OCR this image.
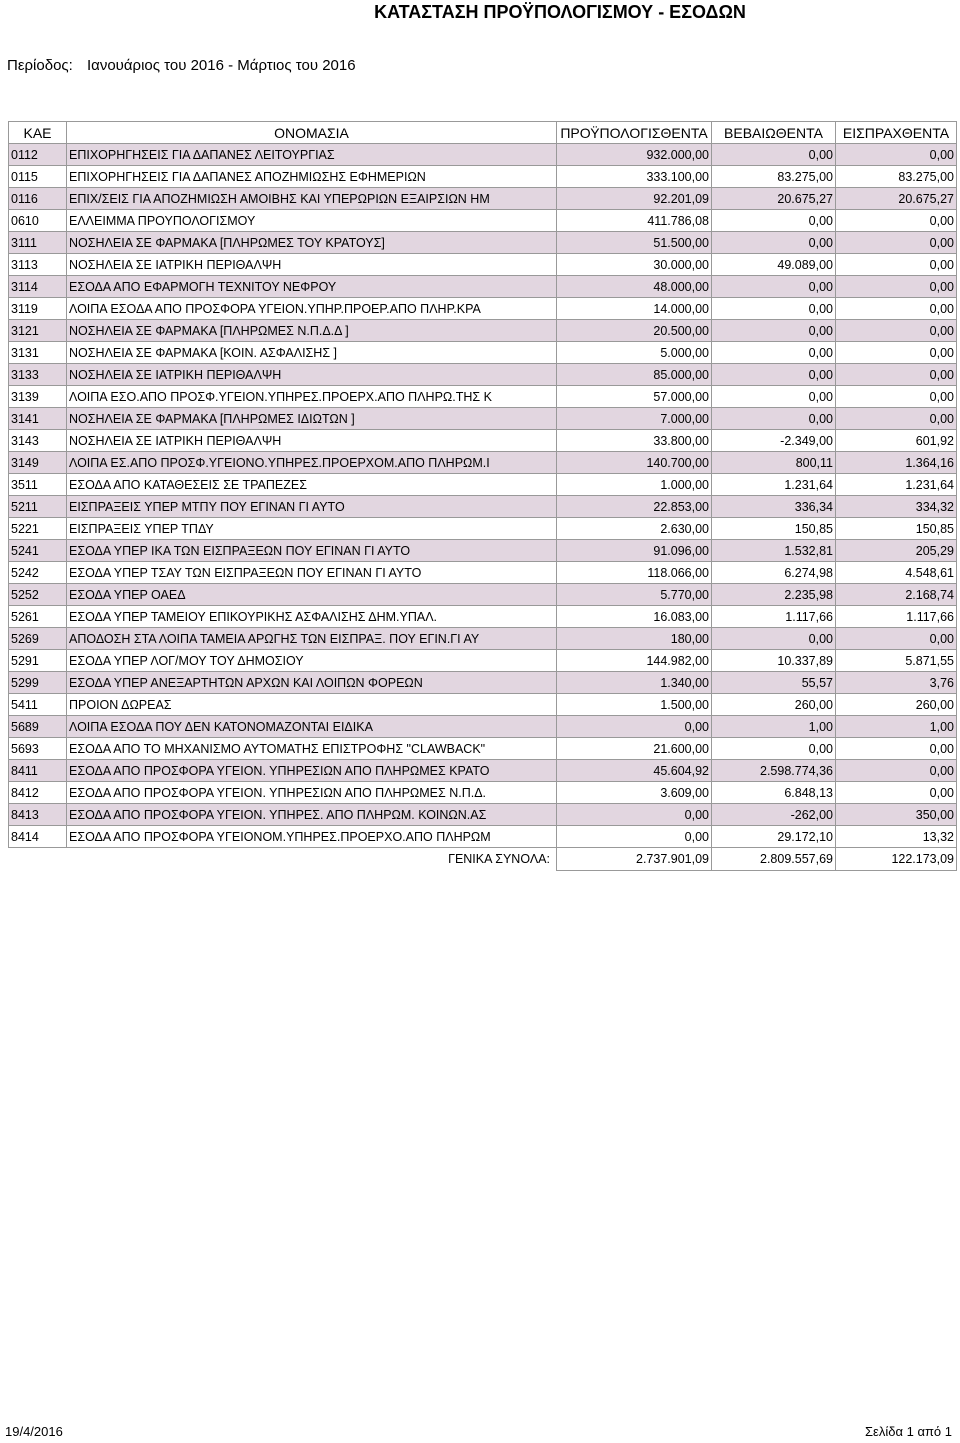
ΚΑΤΑΣΤΑΣΗ ΠΡΟΫΠΟΛΟΓΙΣΜΟΥ - ΕΣΟΔΩΝ
Περίοδος: Ιανουάριος του 2016 - Μάρτιος του 2016
ΚΑΕ	ΟΝΟΜΑΣΙΑ	ΠΡΟΫΠΟΛΟΓΙΣΘΕΝΤΑ	ΒΕΒΑΙΩΘΕΝΤΑ	ΕΙΣΠΡΑΧΘΕΝΤΑ
0112	ΕΠΙΧΟΡΗΓΗΣΕΙΣ ΓΙΑ ΔΑΠΑΝΕΣ ΛΕΙΤΟΥΡΓΙΑΣ	932.000,00	0,00	0,00
0115	ΕΠΙΧΟΡΗΓΗΣΕΙΣ ΓΙΑ ΔΑΠΑΝΕΣ ΑΠΟΖΗΜΙΩΣΗΣ ΕΦΗΜΕΡΙΩΝ	333.100,00	83.275,00	83.275,00
0116	ΕΠΙΧ/ΣΕΙΣ ΓΙΑ ΑΠΟΖΗΜΙΩΣΗ ΑΜΟΙΒΗΣ ΚΑΙ ΥΠΕΡΩΡΙΩΝ ΕΞΑΙΡΣΙΩΝ ΗΜ	92.201,09	20.675,27	20.675,27
0610	ΕΛΛΕΙΜΜΑ ΠΡΟΥΠΟΛΟΓΙΣΜΟΥ	411.786,08	0,00	0,00
3111	ΝΟΣΗΛΕΙΑ ΣΕ ΦΑΡΜΑΚΑ [ΠΛΗΡΩΜΕΣ ΤΟΥ ΚΡΑΤΟΥΣ]	51.500,00	0,00	0,00
3113	ΝΟΣΗΛΕΙΑ ΣΕ ΙΑΤΡΙΚΗ ΠΕΡΙΘΑΛΨΗ	30.000,00	49.089,00	0,00
3114	ΕΣΟΔΑ ΑΠΟ ΕΦΑΡΜΟΓΗ ΤΕΧΝΙΤΟΥ ΝΕΦΡΟΥ	48.000,00	0,00	0,00
3119	ΛΟΙΠΑ ΕΣΟΔΑ ΑΠΟ ΠΡΟΣΦΟΡΑ ΥΓΕΙΟΝ.ΥΠΗΡ.ΠΡΟΕΡ.ΑΠΟ ΠΛΗΡ.ΚΡΑ	14.000,00	0,00	0,00
3121	ΝΟΣΗΛΕΙΑ ΣΕ ΦΑΡΜΑΚΑ [ΠΛΗΡΩΜΕΣ Ν.Π.Δ.Δ ]	20.500,00	0,00	0,00
3131	ΝΟΣΗΛΕΙΑ ΣΕ ΦΑΡΜΑΚΑ [ΚΟΙΝ. ΑΣΦΑΛΙΣΗΣ ]	5.000,00	0,00	0,00
3133	ΝΟΣΗΛΕΙΑ ΣΕ ΙΑΤΡΙΚΗ ΠΕΡΙΘΑΛΨΗ	85.000,00	0,00	0,00
3139	ΛΟΙΠΑ ΕΣΟ.ΑΠΟ ΠΡΟΣΦ.ΥΓΕΙΟΝ.ΥΠΗΡΕΣ.ΠΡΟΕΡΧ.ΑΠΟ ΠΛΗΡΩ.ΤΗΣ Κ	57.000,00	0,00	0,00
3141	ΝΟΣΗΛΕΙΑ ΣΕ ΦΑΡΜΑΚΑ [ΠΛΗΡΩΜΕΣ ΙΔΙΩΤΩΝ ]	7.000,00	0,00	0,00
3143	ΝΟΣΗΛΕΙΑ ΣΕ ΙΑΤΡΙΚΗ ΠΕΡΙΘΑΛΨΗ	33.800,00	-2.349,00	601,92
3149	ΛΟΙΠΑ ΕΣ.ΑΠΟ ΠΡΟΣΦ.ΥΓΕΙΟΝΟ.ΥΠΗΡΕΣ.ΠΡΟΕΡΧΟΜ.ΑΠΟ ΠΛΗΡΩΜ.Ι	140.700,00	800,11	1.364,16
3511	ΕΣΟΔΑ ΑΠΟ ΚΑΤΑΘΕΣΕΙΣ ΣΕ ΤΡΑΠΕΖΕΣ	1.000,00	1.231,64	1.231,64
5211	ΕΙΣΠΡΑΞΕΙΣ ΥΠΕΡ ΜΤΠΥ ΠΟΥ ΕΓΙΝΑΝ ΓΙ ΑΥΤΟ	22.853,00	336,34	334,32
5221	ΕΙΣΠΡΑΞΕΙΣ ΥΠΕΡ ΤΠΔΥ	2.630,00	150,85	150,85
5241	ΕΣΟΔΑ ΥΠΕΡ ΙΚΑ ΤΩΝ ΕΙΣΠΡΑΞΕΩΝ ΠΟΥ ΕΓΙΝΑΝ ΓΙ ΑΥΤΟ	91.096,00	1.532,81	205,29
5242	ΕΣΟΔΑ ΥΠΕΡ ΤΣΑΥ ΤΩΝ ΕΙΣΠΡΑΞΕΩΝ ΠΟΥ ΕΓΙΝΑΝ ΓΙ ΑΥΤΟ	118.066,00	6.274,98	4.548,61
5252	ΕΣΟΔΑ ΥΠΕΡ ΟΑΕΔ	5.770,00	2.235,98	2.168,74
5261	ΕΣΟΔΑ ΥΠΕΡ ΤΑΜΕΙΟΥ ΕΠΙΚΟΥΡΙΚΗΣ ΑΣΦΑΛΙΣΗΣ ΔΗΜ.ΥΠΑΛ.	16.083,00	1.117,66	1.117,66
5269	ΑΠΟΔΟΣΗ ΣΤΑ ΛΟΙΠΑ ΤΑΜΕΙΑ ΑΡΩΓΗΣ ΤΩΝ ΕΙΣΠΡΑΞ. ΠΟΥ ΕΓΙΝ.ΓΙ ΑΥ	180,00	0,00	0,00
5291	ΕΣΟΔΑ ΥΠΕΡ ΛΟΓ/ΜΟΥ ΤΟΥ ΔΗΜΟΣΙΟΥ	144.982,00	10.337,89	5.871,55
5299	ΕΣΟΔΑ ΥΠΕΡ ΑΝΕΞΑΡΤΗΤΩΝ ΑΡΧΩΝ ΚΑΙ ΛΟΙΠΩΝ ΦΟΡΕΩΝ	1.340,00	55,57	3,76
5411	ΠΡΟΙΟΝ ΔΩΡΕΑΣ	1.500,00	260,00	260,00
5689	ΛΟΙΠΑ ΕΣΟΔΑ ΠΟΥ ΔΕΝ ΚΑΤΟΝΟΜΑΖΟΝΤΑΙ ΕΙΔΙΚΑ	0,00	1,00	1,00
5693	ΕΣΟΔΑ ΑΠΟ ΤΟ ΜΗΧΑΝΙΣΜΟ ΑΥΤΟΜΑΤΗΣ ΕΠΙΣΤΡΟΦΗΣ "CLAWBACK"	21.600,00	0,00	0,00
8411	ΕΣΟΔΑ ΑΠΟ ΠΡΟΣΦΟΡΑ ΥΓΕΙΟΝ. ΥΠΗΡΕΣΙΩΝ ΑΠΟ ΠΛΗΡΩΜΕΣ ΚΡΑΤΟ	45.604,92	2.598.774,36	0,00
8412	ΕΣΟΔΑ ΑΠΟ ΠΡΟΣΦΟΡΑ ΥΓΕΙΟΝ. ΥΠΗΡΕΣΙΩΝ ΑΠΟ ΠΛΗΡΩΜΕΣ Ν.Π.Δ.	3.609,00	6.848,13	0,00
8413	ΕΣΟΔΑ ΑΠΟ ΠΡΟΣΦΟΡΑ ΥΓΕΙΟΝ. ΥΠΗΡΕΣ. ΑΠΟ ΠΛΗΡΩΜ. ΚΟΙΝΩΝ.ΑΣ	0,00	-262,00	350,00
8414	ΕΣΟΔΑ ΑΠΟ ΠΡΟΣΦΟΡΑ ΥΓΕΙΟΝΟΜ.ΥΠΗΡΕΣ.ΠΡΟΕΡΧΟ.ΑΠΟ ΠΛΗΡΩΜ	0,00	29.172,10	13,32
	ΓΕΝΙΚΑ ΣΥΝΟΛΑ:	2.737.901,09	2.809.557,69	122.173,09
19/4/2016	Σελίδα 1 από 1
